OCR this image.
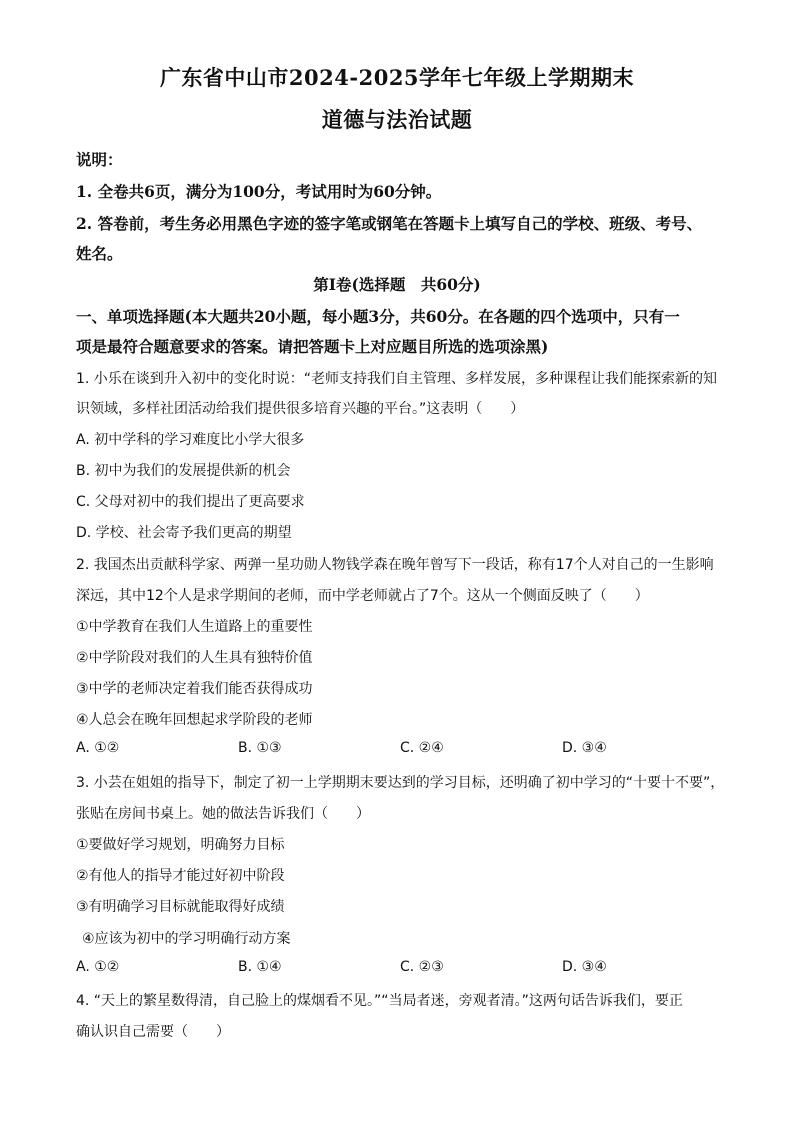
广东省中山市2024-2025学年七年级上学期期末
道德与法治试题
说明：
1. 全卷共6页，满分为100分，考试用时为60分钟。
2. 答卷前，考生务必用黑色字迹的签字笔或钢笔在答题卡上填写自己的学校、班级、考号、
姓名。
第Ⅰ卷(选择题　共60分)
一、单项选择题(本大题共20小题，每小题3分，共60分。在各题的四个选项中，只有一
项是最符合题意要求的答案。请把答题卡上对应题目所选的选项涂黑)
1. 小乐在谈到升入初中的变化时说：“老师支持我们自主管理、多样发展，多种课程让我们能探索新的知
识领域，多样社团活动给我们提供很多培育兴趣的平台。”这表明（　　）
A. 初中学科的学习难度比小学大很多
B. 初中为我们的发展提供新的机会
C. 父母对初中的我们提出了更高要求
D. 学校、社会寄予我们更高的期望
2. 我国杰出贡献科学家、两弹一星功勋人物钱学森在晚年曾写下一段话，称有17个人对自己的一生影响
深远，其中12个人是求学期间的老师，而中学老师就占了7个。这从一个侧面反映了（　　）
①中学教育在我们人生道路上的重要性
②中学阶段对我们的人生具有独特价值
③中学的老师决定着我们能否获得成功
④人总会在晚年回想起求学阶段的老师
A. ①②	B. ①③	C. ②④	D. ③④
3. 小芸在姐姐的指导下，制定了初一上学期期末要达到的学习目标，还明确了初中学习的“十要十不要”，
张贴在房间书桌上。她的做法告诉我们（　　）
①要做好学习规划，明确努力目标
②有他人的指导才能过好初中阶段
③有明确学习目标就能取得好成绩
④应该为初中的学习明确行动方案
A. ①②	B. ①④	C. ②③	D. ③④
4. “天上的繁星数得清，自己脸上的煤烟看不见。”“当局者迷，旁观者清。”这两句话告诉我们，要正
确认识自己需要（　　）
